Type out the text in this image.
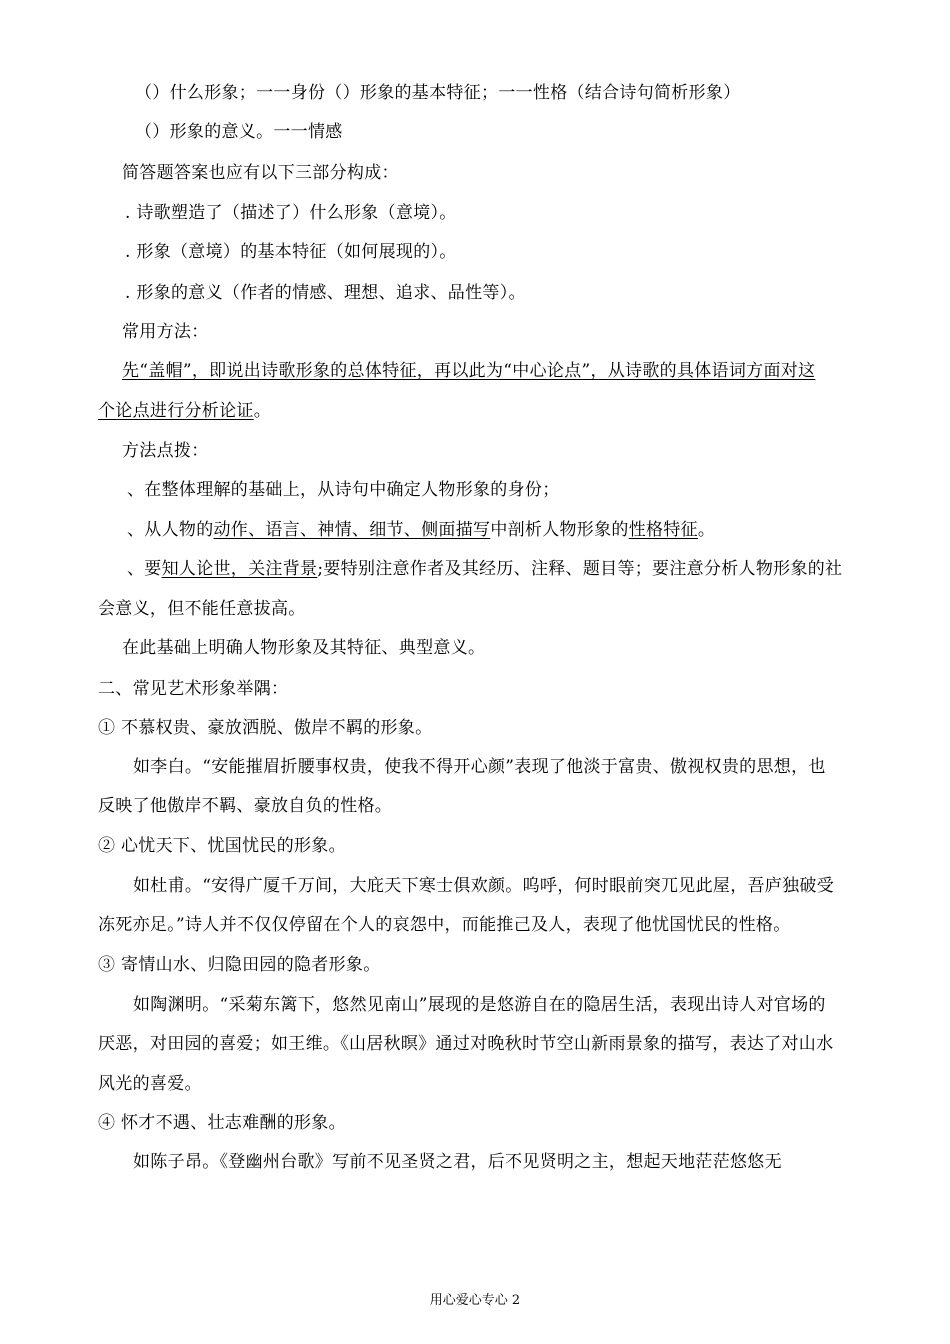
（）什么形象；一一身份（）形象的基本特征；一一性格（结合诗句简析形象）
（）形象的意义。一一情感
简答题答案也应有以下三部分构成：
. 诗歌塑造了（描述了）什么形象（意境）。
. 形象（意境）的基本特征（如何展现的）。
. 形象的意义（作者的情感、理想、追求、品性等）。
常用方法：
先“盖帽”，即说出诗歌形象的总体特征，再以此为“中心论点”，从诗歌的具体语词方面对这
个论点进行分析论证。
方法点拨：
、在整体理解的基础上，从诗句中确定人物形象的身份；
、从人物的动作、语言、神情、细节、侧面描写中剖析人物形象的性格特征。
、要知人论世，关注背景;要特别注意作者及其经历、注释、题目等；要注意分析人物形象的社
会意义，但不能任意拔高。
在此基础上明确人物形象及其特征、典型意义。
二、常见艺术形象举隅：
① 不慕权贵、豪放洒脱、傲岸不羁的形象。
如李白。“安能摧眉折腰事权贵，使我不得开心颜”表现了他淡于富贵、傲视权贵的思想，也
反映了他傲岸不羁、豪放自负的性格。
② 心忧天下、忧国忧民的形象。
如杜甫。“安得广厦千万间，大庇天下寒士俱欢颜。呜呼，何时眼前突兀见此屋，吾庐独破受
冻死亦足。”诗人并不仅仅停留在个人的哀怨中，而能推己及人，表现了他忧国忧民的性格。
③ 寄情山水、归隐田园的隐者形象。
如陶渊明。“采菊东篱下，悠然见南山”展现的是悠游自在的隐居生活，表现出诗人对官场的
厌恶，对田园的喜爱；如王维。《山居秋暝》通过对晚秋时节空山新雨景象的描写，表达了对山水
风光的喜爱。
④ 怀才不遇、壮志难酬的形象。
如陈子昂。《登幽州台歌》写前不见圣贤之君，后不见贤明之主，想起天地茫茫悠悠无
用心爱心专心 2
